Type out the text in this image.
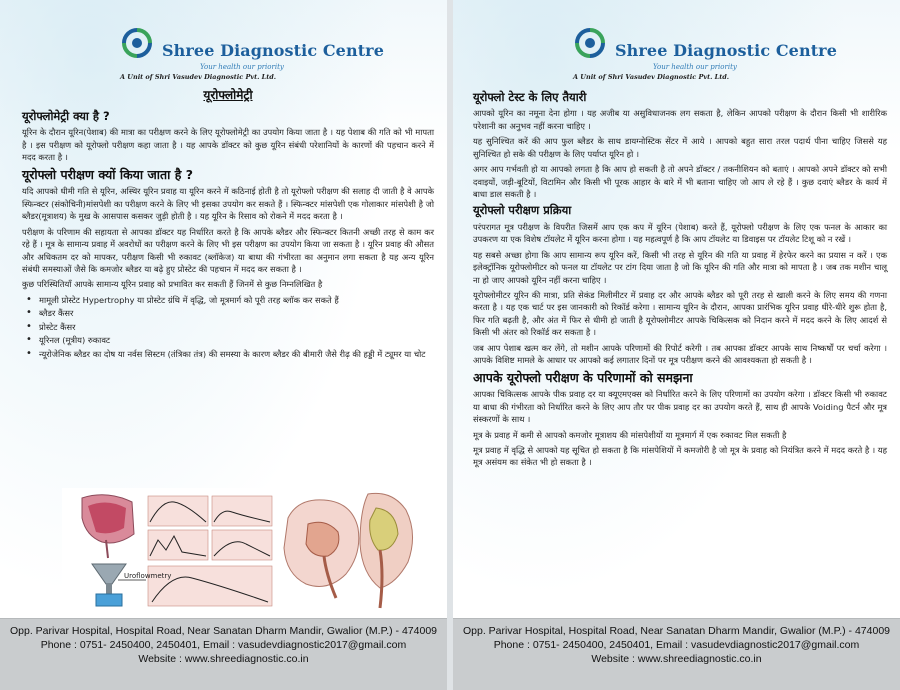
Shree Diagnostic Centre
Your health our priority
A Unit of Shri Vasudev Diagnostic Pvt. Ltd.
यूरोफ्लोमेट्री
यूरोफ्लोमेट्री क्या है ?

यूरिन के दौरान यूरिन(पेशाब) की मात्रा का परीक्षण करने के लिए यूरोफ्लोमेट्री का उपयोग किया जाता है । यह पेशाब की गति को भी मापता है । इस परीक्षण को यूरोफ्लो परीक्षण कहा जाता है । यह आपके डॉक्टर को कुछ यूरिन संबंधी परेशानियों के कारणों की पहचान करने में मदद करता है ।

यूरोफ्लो परीक्षण क्यों किया जाता है ?

यदि आपको धीमी गति से यूरिन, अस्थिर यूरिन प्रवाह या यूरिन करने में कठिनाई होती है तो यूरोफ्लो परीक्षण की सलाह दी जाती है वे आपके स्फिन्क्टर (संकोचिनी)मांसपेशी का परीक्षण करने के लिए भी इसका उपयोग कर सकते हैं । स्फिन्क्टर मांसपेशी एक गोलाकार मांसपेशी है जो ब्लैडर(मूत्राशय) के मुख के आसपास कसकर जुड़ी होती है । यह यूरिन के रिसाव को रोकने में मदद करता है ।

परीक्षण के परिणाम की सहायता से आपका डॉक्टर यह निर्धारित करते है कि आपके ब्लैडर और स्फिन्क्टर कितनी अच्छी तरह से काम कर रहे हैं । मूत्र के सामान्य प्रवाह में अवरोधों का परीक्षण करने के लिए भी इस परीक्षण का उपयोग किया जा सकता है । यूरिन प्रवाह की औसत और अधिकतम दर को मापकर, परीक्षण किसी भी रुकावट (ब्लॉकेज) या बाधा की गंभीरता का अनुमान लगा सकता है यह अन्य यूरिन संबंधी समस्याओं जैसे कि कमजोर ब्लैडर या बढ़े हुए प्रोस्टेट की पहचान में मदद कर सकता है ।

कुछ परिस्थितियाँ आपके सामान्य यूरिन प्रवाह को प्रभावित कर सकती हैं जिनमें से कुछ निम्नलिखित है

• मामूली प्रोस्टेट Hypertrophy या प्रोस्टेट ग्रंथि में वृद्धि, जो मूत्रमार्ग को पूरी तरह ब्लॉक कर सकते हैं
• ब्लैडर कैंसर
• प्रोस्टेट कैंसर
• यूरिनल (मूत्रीय) रुकावट
• न्यूरोजेनिक ब्लैडर का दोष या नर्वस सिस्टम (तंत्रिका तंत्र) की समस्या के कारण ब्लैडर की बीमारी जैसे रीढ़ की हड्डी में ट्यूमर या चोट
Uroflowmetry
Opp. Parivar Hospital, Hospital Road, Near Sanatan Dharm Mandir, Gwalior (M.P.) - 474009
Phone : 0751- 2450400, 2450401, Email : vasudevdiagnostic2017@gmail.com
Website : www.shreediagnostic.co.in
Shree Diagnostic Centre
Your health our priority
A Unit of Shri Vasudev Diagnostic Pvt. Ltd.
यूरोफ्लो टेस्ट के लिए तैयारी

आपको यूरिन का नमूना देना होगा । यह अजीब या असुविधाजनक लग सकता है, लेकिन आपको परीक्षण के दौरान किसी भी शारीरिक परेशानी का अनुभव नहीं करना चाहिए ।

यह सुनिश्चित करें की आप फुल ब्लैडर के साथ डायग्नोस्टिक सेंटर में आये । आपको बहुत सारा तरल पदार्थ पीना चाहिए जिससे यह सुनिश्चित हो सके की परीक्षण के लिए पर्याप्त यूरिन हो ।

अगर आप गर्भवती हो या आपको लगता है कि आप हो सकती है तो अपने डॉक्टर / तकनीशियन को बताएं । आपको अपने डॉक्टर को सभी दवाइयों, जड़ी-बूटियों, विटामिन और किसी भी पूरक आहार के बारे में भी बताना चाहिए जो आप ले रहे हैं । कुछ दवाएं ब्लैडर के कार्य में बाधा डाल सकती है ।

यूरोफ्लो परीक्षण प्रक्रिया

परंपरागत मूत्र परीक्षण के विपरीत जिसमें आप एक कप में यूरिन (पेशाब) करते हैं, यूरोफ्लो परीक्षण के लिए एक फनल के आकार का उपकरण या एक विशेष टॉयलेट में यूरिन करना होगा । यह महत्वपूर्ण है कि आप टॉयलेट या डिवाइस पर टॉयलेट टिशू को न रखें ।

यह सबसे अच्छा होगा कि आप सामान्य रूप यूरिन करें, किसी भी तरह से यूरिन की गति या प्रवाह में हेरफेर करने का प्रयास न करें । एक इलेक्ट्रॉनिक यूरोफ्लोमीटर को फनल या टॉयलेट पर टांग दिया जाता है जो कि यूरिन की गति और मात्रा को मापता है । जब तक मशीन चालू ना हो जाए आपको यूरिन नहीं करना चाहिए ।

यूरोफ्लोमीटर यूरिन की मात्रा, प्रति सेकंड मिलीमीटर में प्रवाह दर और आपके ब्लैडर को पूरी तरह से खाली करने के लिए समय की गणना करता है । यह एक चार्ट पर इस जानकारी को रिकॉर्ड करेगा । सामान्य यूरिन के दौरान, आपका प्रारंभिक यूरिन प्रवाह धीरे-धीरे शुरू होता है, फिर गति बढ़ती है, और अंत में फिर से धीमी हो जाती है यूरोफ्लोमीटर आपके चिकित्सक को निदान करने में मदद करने के लिए आदर्श से किसी भी अंतर को रिकॉर्ड कर सकता है ।

जब आप पेशाब खत्म कर लेंगे, तो मशीन आपके परिणामों की रिपोर्ट करेगी । तब आपका डॉक्टर आपके साथ निष्कर्षों पर चर्चा करेगा । आपके विशिष्ट मामले के आधार पर आपको कई लगातार दिनों पर मूत्र परीक्षण करने की आवश्यकता हो सकती है ।

आपके यूरोफ्लो परीक्षण के परिणामों को समझना

आपका चिकित्सक आपके पीक प्रवाह दर या क्यूएमएक्स को निर्धारित करने के लिए परिणामों का उपयोग करेगा । डॉक्टर किसी भी रुकावट या बाधा की गंभीरता को निर्धारित करने के लिए आप तौर पर पीक प्रवाह दर का उपयोग करते हैं, साथ ही आपके Voiding पैटर्न और मूत्र संस्करणों के साथ ।

मूत्र के प्रवाह में कमी से आपको कमजोर मूत्राशय की मांसपेशीयों या मूत्रमार्ग में एक रुकावट मिल सकती है

मूत्र प्रवाह में वृद्धि से आपको यह सूचित हो सकता है कि मांसपेशियों में कमजोरी है जो मूत्र के प्रवाह को नियंत्रित करने में मदद करते है । यह मूत्र असंयम का संकेत भी हो सकता है ।

Opp. Parivar Hospital, Hospital Road, Near Sanatan Dharm Mandir, Gwalior (M.P.) - 474009
Phone : 0751- 2450400, 2450401, Email : vasudevdiagnostic2017@gmail.com
Website : www.shreediagnostic.co.in
